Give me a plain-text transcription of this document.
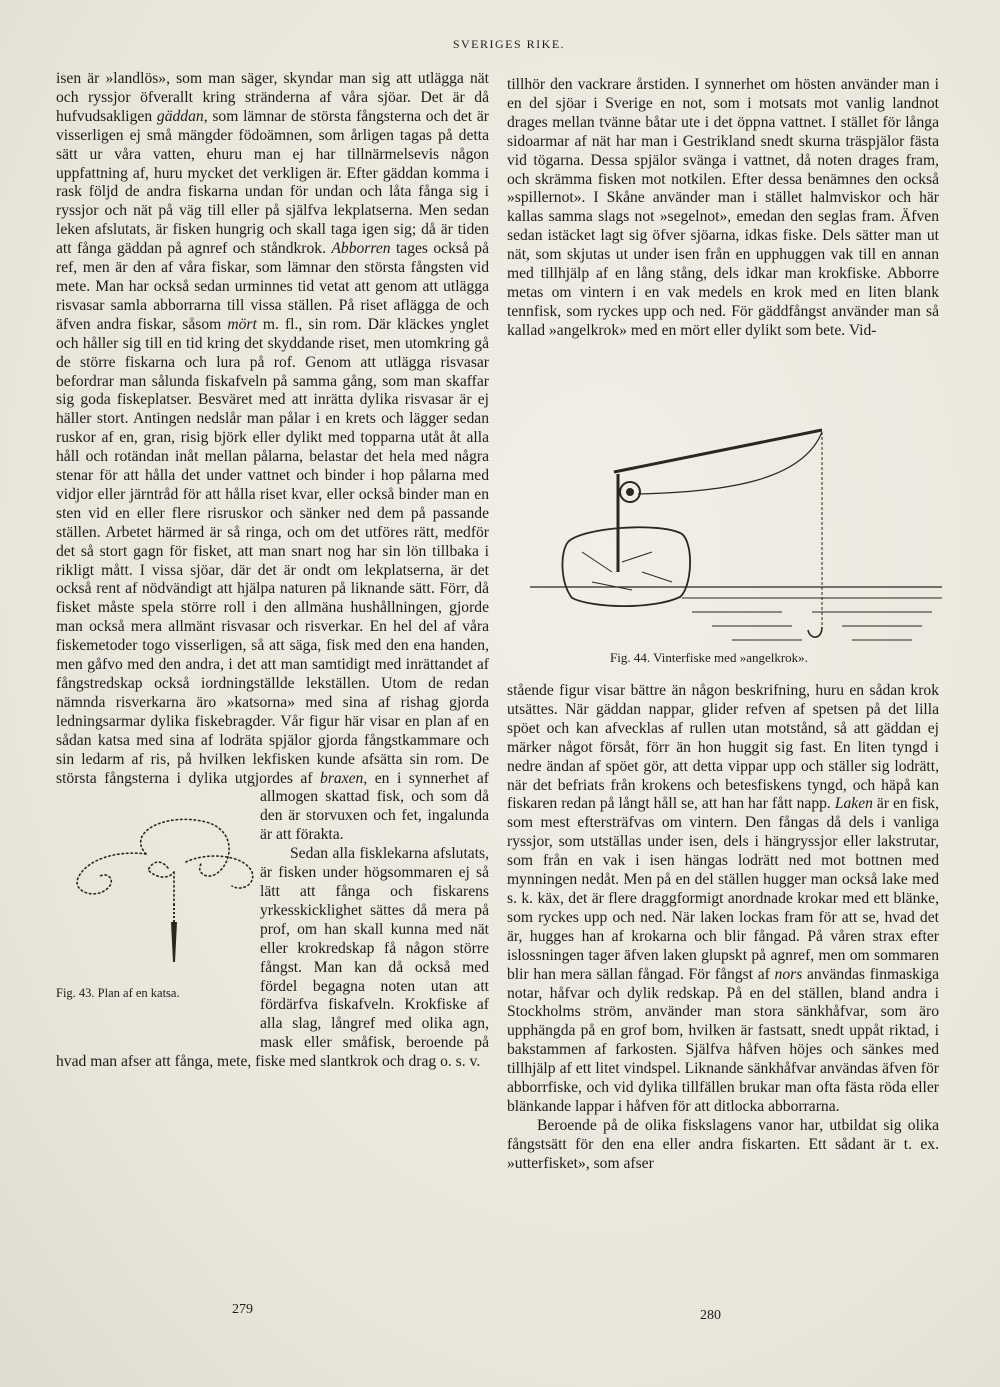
SVERIGES RIKE.

isen är »landlös», som man säger, skyndar man sig att utlägga nät och ryssjor öfverallt kring stränderna af våra sjöar. Det är då hufvudsakligen gäddan, som lämnar de största fångsterna och det är visserligen ej små mängder födoämnen, som årligen tagas på detta sätt ur våra vatten, ehuru man ej har tillnärmelsevis någon uppfattning af, huru mycket det verkligen är. Efter gäddan komma i rask följd de andra fiskarna undan för undan och låta fånga sig i ryssjor och nät på väg till eller på själfva lekplatserna. Men sedan leken afslutats, är fisken hungrig och skall taga igen sig; då är tiden att fånga gäddan på agnref och ståndkrok. Abborren tages också på ref, men är den af våra fiskar, som lämnar den största fångsten vid mete. Man har också sedan urminnes tid vetat att genom att utlägga risvasar samla abborrarna till vissa ställen. På riset aflägga de och äfven andra fiskar, såsom mört m. fl., sin rom. Där kläckes ynglet och håller sig till en tid kring det skyddande riset, men utomkring gå de större fiskarna och lura på rof. Genom att utlägga risvasar befordrar man sålunda fiskafveln på samma gång, som man skaffar sig goda fiskeplatser. Besväret med att inrätta dylika risvasar är ej häller stort. Antingen nedslår man pålar i en krets och lägger sedan ruskor af en, gran, risig björk eller dylikt med topparna utåt åt alla håll och rotändan inåt mellan pålarna, belastar det hela med några stenar för att hålla det under vattnet och binder i hop pålarna med vidjor eller järntråd för att hålla riset kvar, eller också binder man en sten vid en eller flere risruskor och sänker ned dem på passande ställen. Arbetet härmed är så ringa, och om det utföres rätt, medför det så stort gagn för fisket, att man snart nog har sin lön tillbaka i rikligt mått. I vissa sjöar, där det är ondt om lekplatserna, är det också rent af nödvändigt att hjälpa naturen på liknande sätt. Förr, då fisket måste spela större roll i den allmäna hushållningen, gjorde man också mera allmänt risvasar och risverkar. En hel del af våra fiskemetoder togo visserligen, så att säga, fisk med den ena handen, men gåfvo med den andra, i det att man samtidigt med inrättandet af fångstredskap också iordningställde lekställen. Utom de redan nämnda risverkarna äro »katsorna» med sina af rishag gjorda ledningsarmar dylika fiskebragder. Vår figur här visar en plan af en sådan katsa med sina af lodräta spjälor gjorda fångstkammare och sin ledarm af ris, på hvilken lekfisken kunde afsätta sin rom. De största fångsterna i dylika utgjordes af
Fig. 43. Plan af en katsa.
braxen, en i synnerhet af allmogen skattad fisk, och som då den är storvuxen och fet, ingalunda är att förakta.

Sedan alla fisklekarna afslutats, är fisken under högsommaren ej så lätt att fånga och fiskarens yrkesskicklighet sättes då mera på prof, om han skall kunna med nät eller krokredskap få någon större fångst. Man kan då också med fördel begagna noten utan att fördärfva fiskafveln. Krokfiske af alla slag, långref med olika agn, mask eller småfisk, beroende på hvad man afser att fånga, mete, fiske med slantkrok och drag o. s. v.

tillhör den vackrare årstiden. I synnerhet om hösten använder man i en del sjöar i Sverige en not, som i motsats mot vanlig landnot drages mellan tvänne båtar ute i det öppna vattnet. I stället för långa sidoarmar af nät har man i Gestrikland snedt skurna träspjälor fästa vid tögarna. Dessa spjälor svänga i vattnet, då noten drages fram, och skrämma fisken mot notkilen. Efter dessa benämnes den också »spillernot». I Skåne använder man i stället halmviskor och här kallas samma slags not »segelnot», emedan den seglas fram. Äfven sedan istäcket lagt sig öfver sjöarna, idkas fiske. Dels sätter man ut nät, som skjutas ut under isen från en upphuggen vak till en annan med tillhjälp af en lång stång, dels idkar man krokfiske. Abborre metas om vintern i en vak medels en krok med en liten blank tennfisk, som ryckes upp och ned. För gäddfångst använder man så kallad »angelkrok» med en mört eller dylikt som bete. Vid-

Fig. 44. Vinterfiske med »angelkrok».

stående figur visar bättre än någon beskrifning, huru en sådan krok utsättes. När gäddan nappar, glider refven af spetsen på det lilla spöet och kan afvecklas af rullen utan motstånd, så att gäddan ej märker något försåt, förr än hon huggit sig fast. En liten tyngd i nedre ändan af spöet gör, att detta vippar upp och ställer sig lodrätt, när det befriats från krokens och betesfiskens tyngd, och häpå kan fiskaren redan på långt håll se, att han har fått napp. Laken är en fisk, som mest eftersträfvas om vintern. Den fångas då dels i vanliga ryssjor, som utställas under isen, dels i hängryssjor eller lakstrutar, som från en vak i isen hängas lodrätt ned mot bottnen med mynningen nedåt. Men på en del ställen hugger man också lake med s. k. käx, det är flere draggformigt anordnade krokar med ett blänke, som ryckes upp och ned. När laken lockas fram för att se, hvad det är, hugges han af krokarna och blir fångad. På våren strax efter islossningen tager äfven laken glupskt på agnref, men om sommaren blir han mera sällan fångad. För fångst af nors användas finmaskiga notar, håfvar och dylik redskap. På en del ställen, bland andra i Stockholms ström, använder man stora sänkhåfvar, som äro upphängda på en grof bom, hvilken är fastsatt, snedt uppåt riktad, i bakstammen af farkosten. Själfva håfven höjes och sänkes med tillhjälp af ett litet vindspel. Liknande sänkhåfvar användas äfven för abborrfiske, och vid dylika tillfällen brukar man ofta fästa röda eller blänkande lappar i håfven för att ditlocka abborrarna.

Beroende på de olika fiskslagens vanor har, utbildat sig olika fångstsätt för den ena eller andra fiskarten. Ett sådant är t. ex. »utterfisket», som afser

279	280
